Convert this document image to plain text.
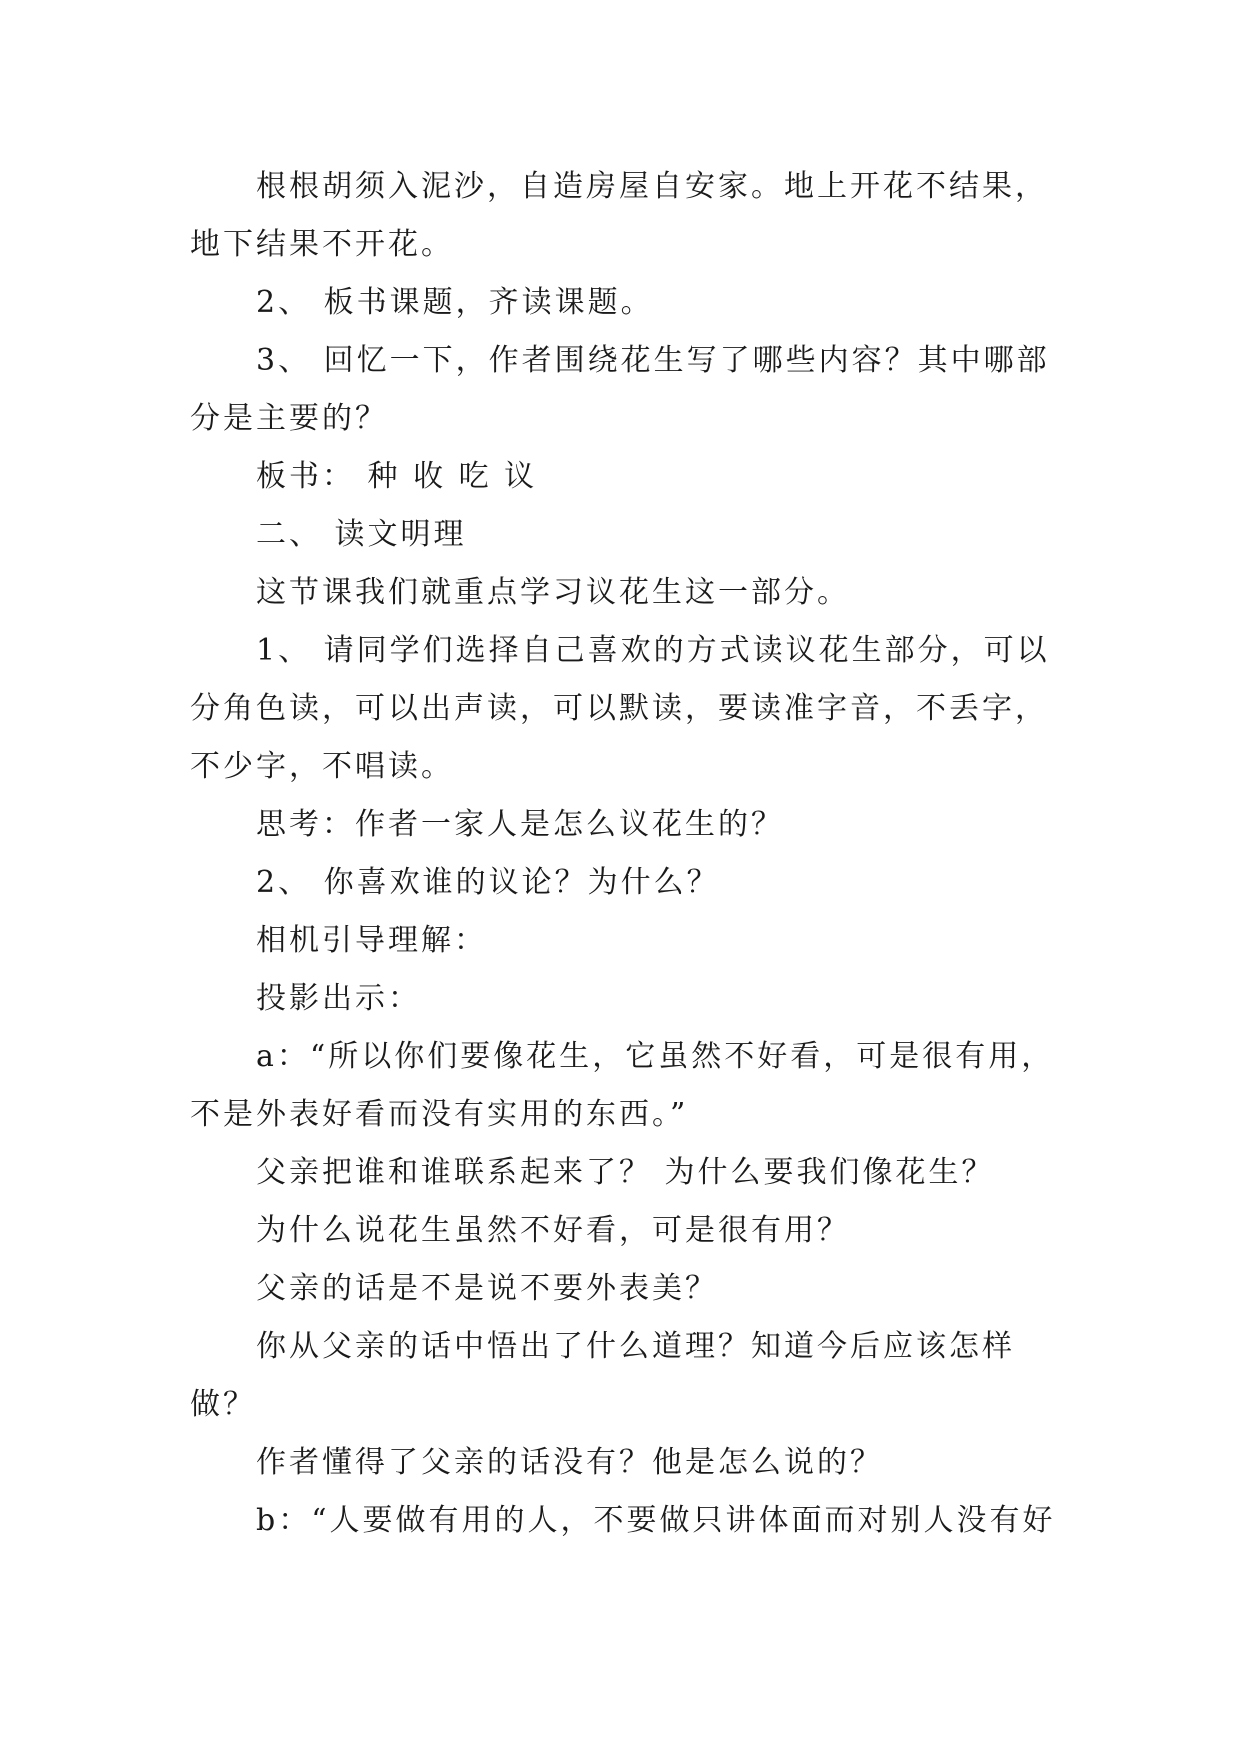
根根胡须入泥沙，自造房屋自安家。地上开花不结果，地下结果不开花。

2、 板书课题，齐读课题。

3、 回忆一下，作者围绕花生写了哪些内容？其中哪部分是主要的？

板书： 种 收 吃 议

二、 读文明理

这节课我们就重点学习议花生这一部分。

1、 请同学们选择自己喜欢的方式读议花生部分，可以分角色读，可以出声读，可以默读，要读准字音，不丢字，不少字，不唱读。

思考：作者一家人是怎么议花生的？

2、 你喜欢谁的议论？为什么？

相机引导理解：

投影出示：

a：“所以你们要像花生，它虽然不好看，可是很有用，不是外表好看而没有实用的东西。”

父亲把谁和谁联系起来了？ 为什么要我们像花生？

为什么说花生虽然不好看，可是很有用？

父亲的话是不是说不要外表美？

你从父亲的话中悟出了什么道理？知道今后应该怎样做？

作者懂得了父亲的话没有？他是怎么说的？

b：“人要做有用的人，不要做只讲体面而对别人没有好
